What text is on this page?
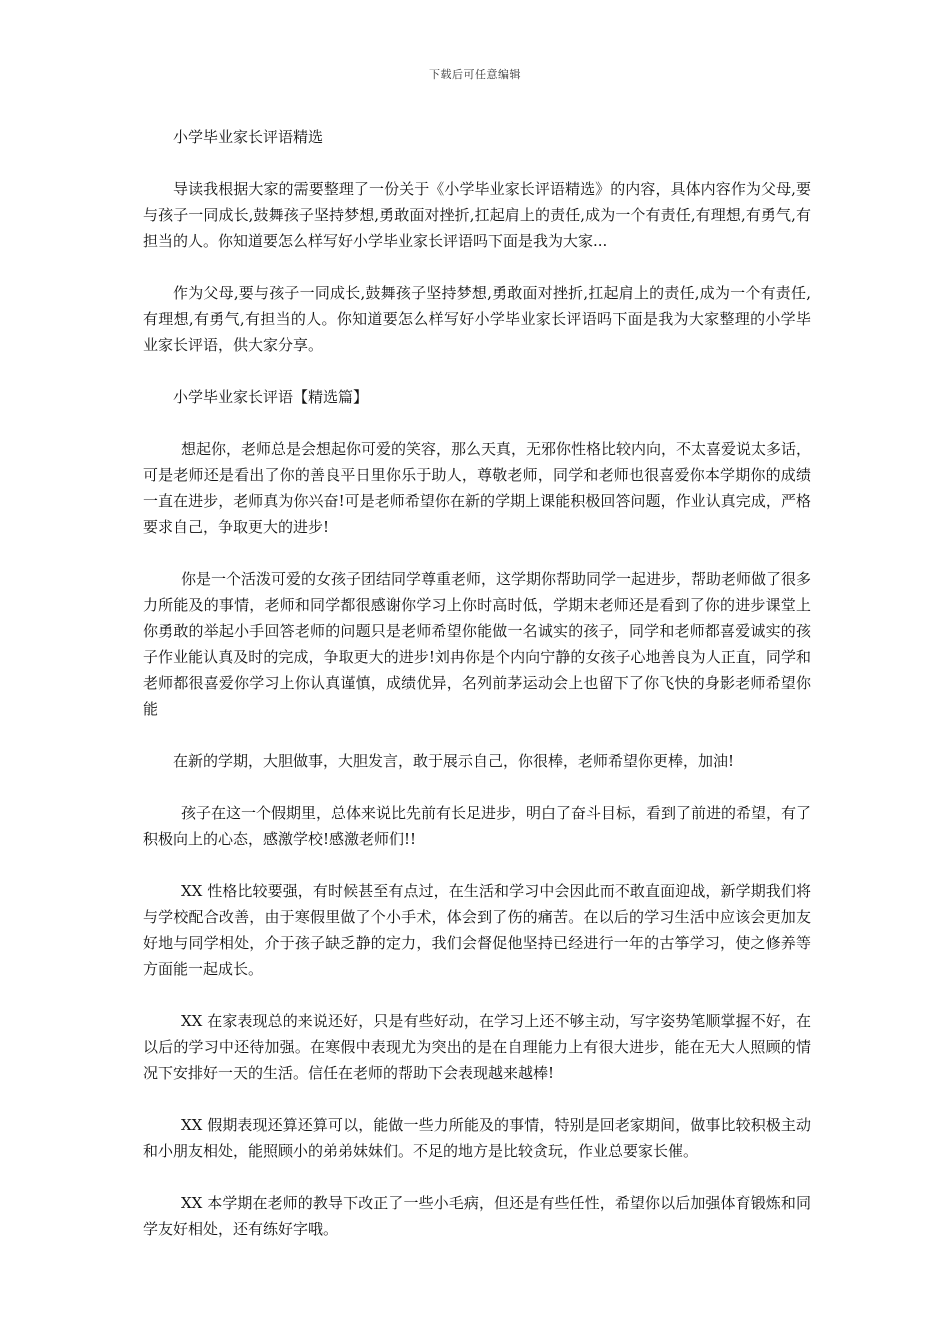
下载后可任意编辑
小学毕业家长评语精选

导读我根据大家的需要整理了一份关于《小学毕业家长评语精选》的内容，具体内容作为父母,要与孩子一同成长,鼓舞孩子坚持梦想,勇敢面对挫折,扛起肩上的责任,成为一个有责任,有理想,有勇气,有担当的人。你知道要怎么样写好小学毕业家长评语吗下面是我为大家...

作为父母,要与孩子一同成长,鼓舞孩子坚持梦想,勇敢面对挫折,扛起肩上的责任,成为一个有责任,有理想,有勇气,有担当的人。你知道要怎么样写好小学毕业家长评语吗下面是我为大家整理的小学毕业家长评语，供大家分享。

小学毕业家长评语【精选篇】

想起你，老师总是会想起你可爱的笑容，那么天真，无邪你性格比较内向，不太喜爱说太多话，可是老师还是看出了你的善良平日里你乐于助人，尊敬老师，同学和老师也很喜爱你本学期你的成绩一直在进步，老师真为你兴奋!可是老师希望你在新的学期上课能积极回答问题，作业认真完成，严格要求自己，争取更大的进步!

你是一个活泼可爱的女孩子团结同学尊重老师，这学期你帮助同学一起进步，帮助老师做了很多力所能及的事情，老师和同学都很感谢你学习上你时高时低，学期末老师还是看到了你的进步课堂上你勇敢的举起小手回答老师的问题只是老师希望你能做一名诚实的孩子，同学和老师都喜爱诚实的孩子作业能认真及时的完成，争取更大的进步!刘冉你是个内向宁静的女孩子心地善良为人正直，同学和老师都很喜爱你学习上你认真谨慎，成绩优异，名列前茅运动会上也留下了你飞快的身影老师希望你能

在新的学期，大胆做事，大胆发言，敢于展示自己，你很棒，老师希望你更棒，加油!

孩子在这一个假期里，总体来说比先前有长足进步，明白了奋斗目标，看到了前进的希望，有了积极向上的心态，感激学校!感激老师们!!

XX 性格比较要强，有时候甚至有点过，在生活和学习中会因此而不敢直面迎战，新学期我们将与学校配合改善，由于寒假里做了个小手术，体会到了伤的痛苦。在以后的学习生活中应该会更加友好地与同学相处，介于孩子缺乏静的定力，我们会督促他坚持已经进行一年的古筝学习，使之修养等方面能一起成长。

XX 在家表现总的来说还好，只是有些好动，在学习上还不够主动，写字姿势笔顺掌握不好，在以后的学习中还待加强。在寒假中表现尤为突出的是在自理能力上有很大进步，能在无大人照顾的情况下安排好一天的生活。信任在老师的帮助下会表现越来越棒!

XX 假期表现还算还算可以，能做一些力所能及的事情，特别是回老家期间，做事比较积极主动和小朋友相处，能照顾小的弟弟妹妹们。不足的地方是比较贪玩，作业总要家长催。

XX 本学期在老师的教导下改正了一些小毛病，但还是有些任性，希望你以后加强体育锻炼和同学友好相处，还有练好字哦。
